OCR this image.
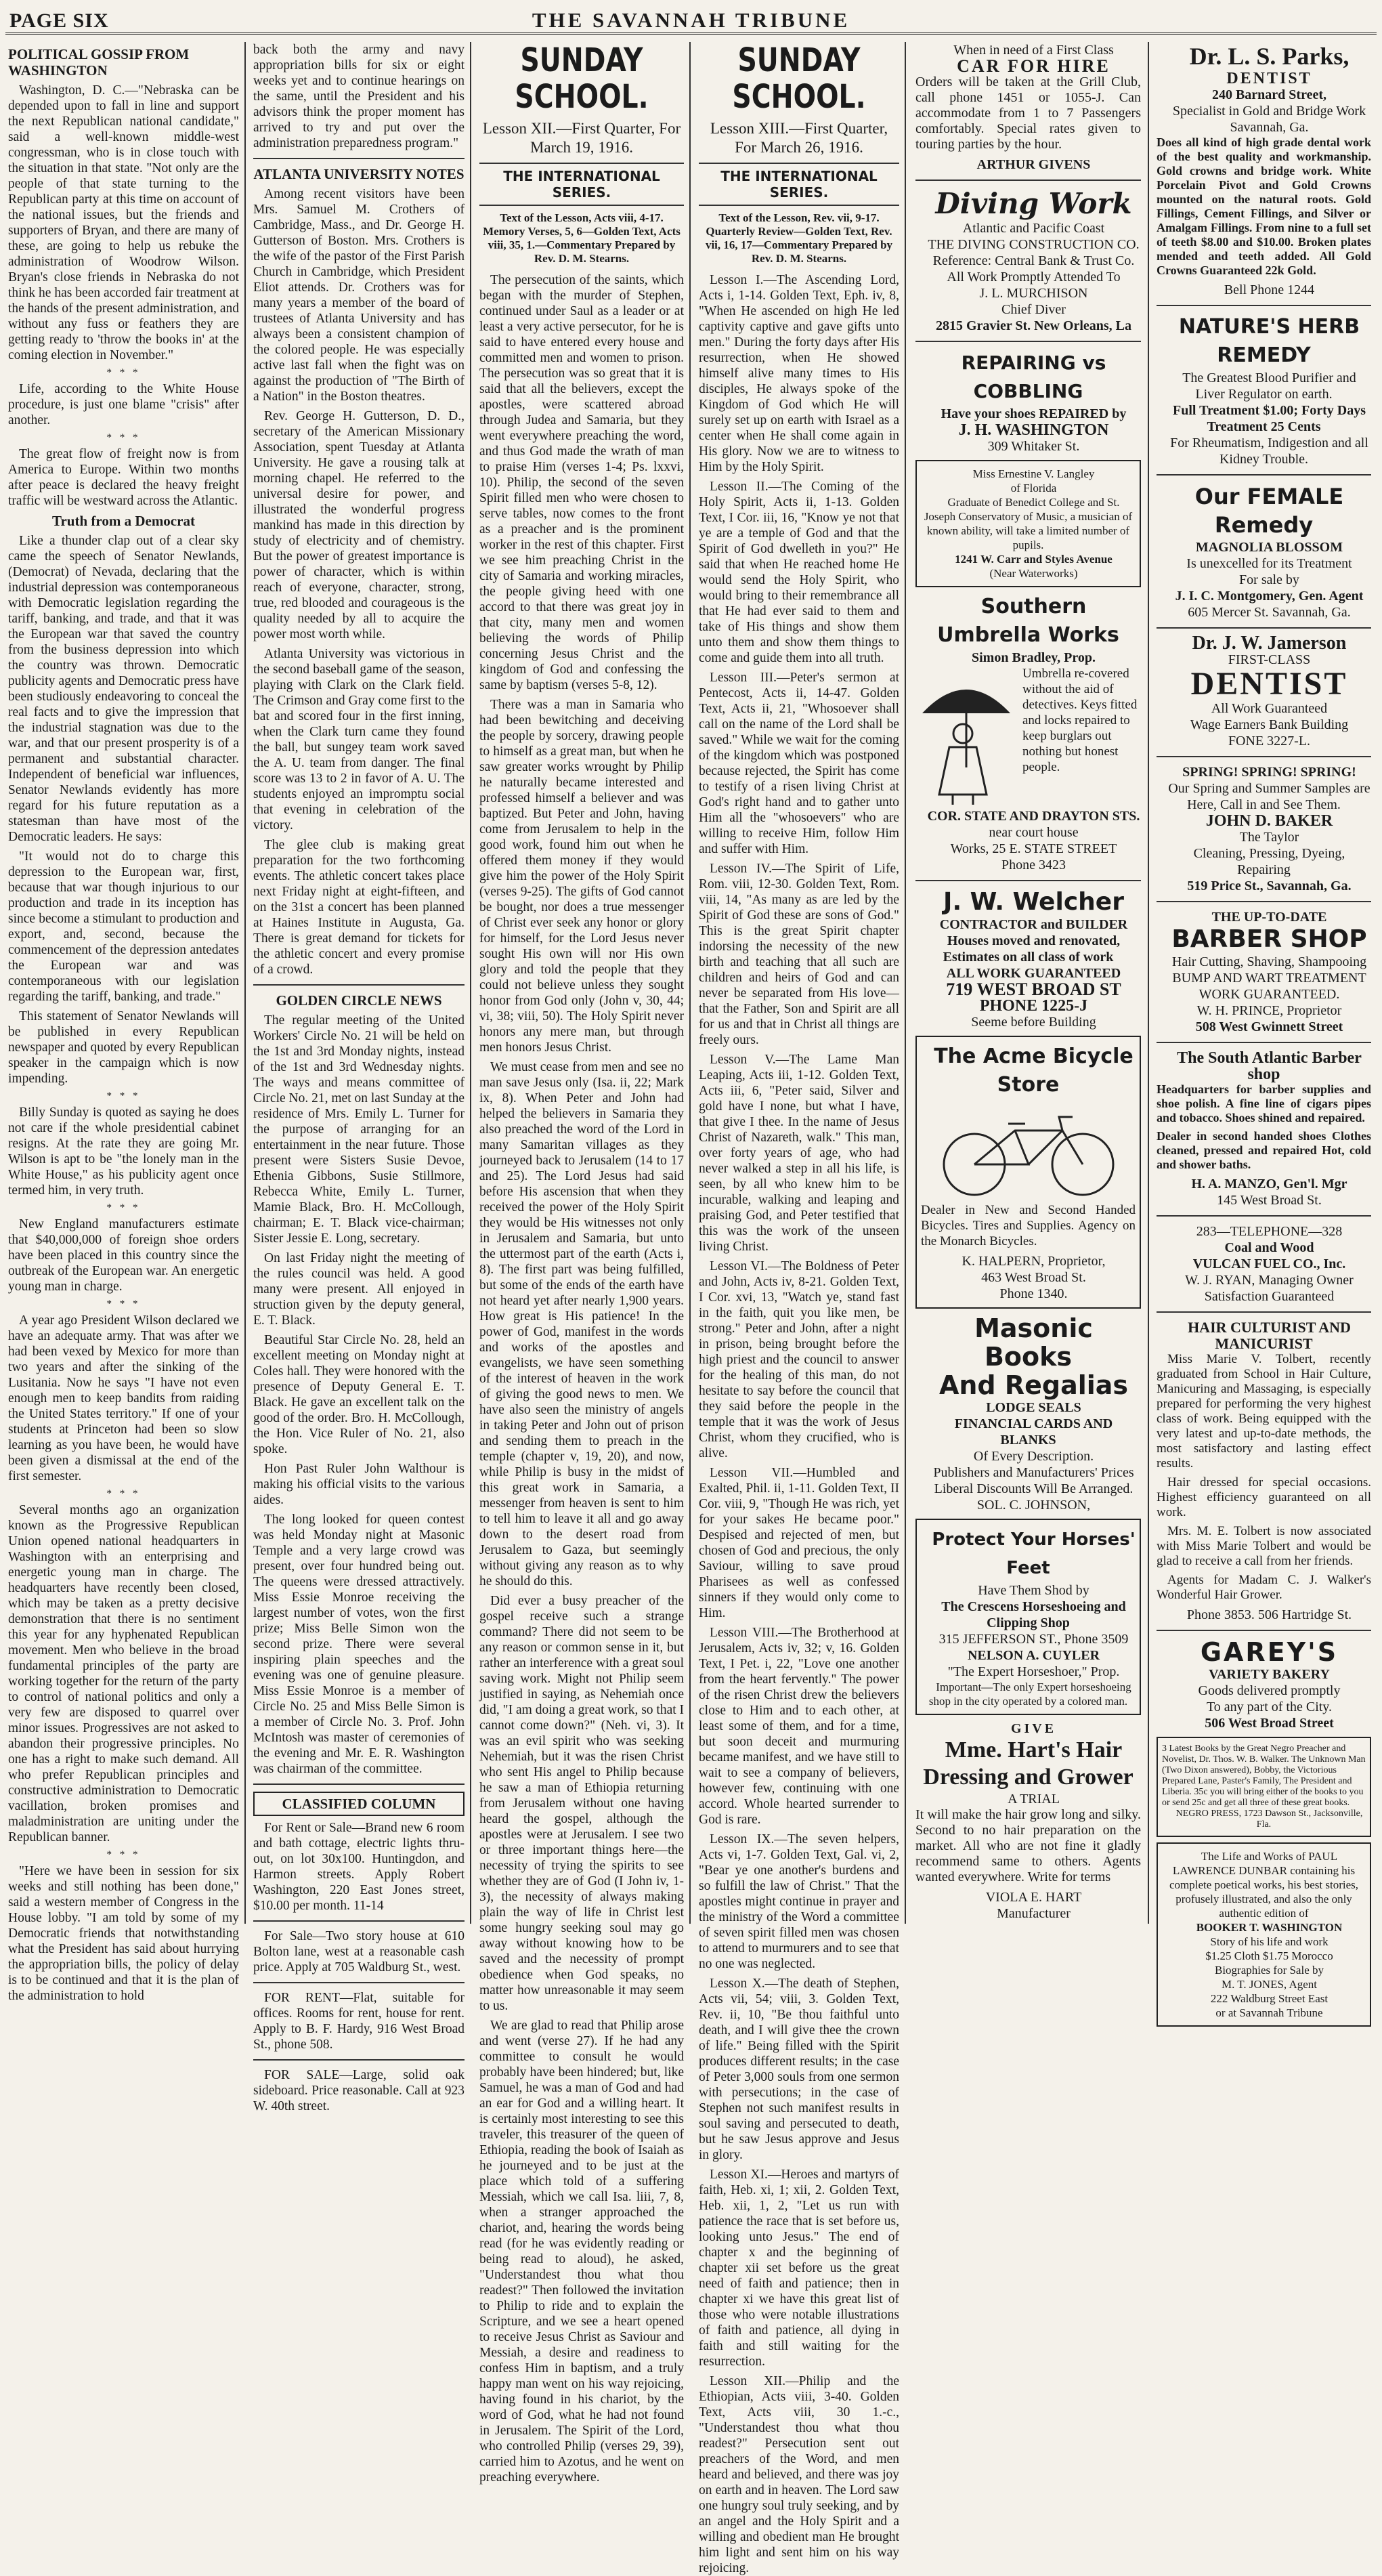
PAGE SIX	THE SAVANNAH TRIBUNE
POLITICAL GOSSIP FROM WASHINGTON

Washington, D. C.—"Nebraska can be depended upon to fall in line and support the next Republican national candidate," said a well-known middle-west congressman, who is in close touch with the situation in that state. "Not only are the people of that state turning to the Republican party at this time on account of the national issues, but the friends and supporters of Bryan, and there are many of these, are going to help us rebuke the administration of Woodrow Wilson. Bryan's close friends in Nebraska do not think he has been accorded fair treatment at the hands of the present administration, and without any fuss or feathers they are getting ready to 'throw the books in' at the coming election in November."

* * *

Life, according to the White House procedure, is just one blame "crisis" after another.

* * *

The great flow of freight now is from America to Europe. Within two months after peace is declared the heavy freight traffic will be westward across the Atlantic.

Truth from a Democrat

Like a thunder clap out of a clear sky came the speech of Senator Newlands, (Democrat) of Nevada, declaring that the industrial depression was contemporaneous with Democratic legislation regarding the tariff, banking, and trade, and that it was the European war that saved the country from the business depression into which the country was thrown. Democratic publicity agents and Democratic press have been studiously endeavoring to conceal the real facts and to give the impression that the industrial stagnation was due to the war, and that our present prosperity is of a permanent and substantial character. Independent of beneficial war influences, Senator Newlands evidently has more regard for his future reputation as a statesman than have most of the Democratic leaders. He says:

"It would not do to charge this depression to the European war, first, because that war though injurious to our production and trade in its inception has since become a stimulant to production and export, and, second, because the commencement of the depression antedates the European war and was contemporaneous with our legislation regarding the tariff, banking, and trade."

This statement of Senator Newlands will be published in every Republican newspaper and quoted by every Republican speaker in the campaign which is now impending.

* * *

Billy Sunday is quoted as saying he does not care if the whole presidential cabinet resigns. At the rate they are going Mr. Wilson is apt to be "the lonely man in the White House," as his publicity agent once termed him, in very truth.

* * *

New England manufacturers estimate that $40,000,000 of foreign shoe orders have been placed in this country since the outbreak of the European war. An energetic young man in charge.

* * *

A year ago President Wilson declared we have an adequate army. That was after we had been vexed by Mexico for more than two years and after the sinking of the Lusitania. Now he says "I have not even enough men to keep bandits from raiding the United States territory." If one of your students at Princeton had been so slow learning as you have been, he would have been given a dismissal at the end of the first semester.

* * *

Several months ago an organization known as the Progressive Republican Union opened national headquarters in Washington with an enterprising and energetic young man in charge. The headquarters have recently been closed, which may be taken as a pretty decisive demonstration that there is no sentiment this year for any hyphenated Republican movement. Men who believe in the broad fundamental principles of the party are working together for the return of the party to control of national politics and only a very few are disposed to quarrel over minor issues. Progressives are not asked to abandon their progressive principles. No one has a right to make such demand. All who prefer Republican principles and constructive administration to Democratic vacillation, broken promises and maladministration are uniting under the Republican banner.

* * *

"Here we have been in session for six weeks and still nothing has been done," said a western member of Congress in the House lobby. "I am told by some of my Democratic friends that notwithstanding what the President has said about hurrying the appropriation bills, the policy of delay is to be continued and that it is the plan of the administration to hold

back both the army and navy appropriation bills for six or eight weeks yet and to continue hearings on the same, until the President and his advisors think the proper moment has arrived to try and put over the administration preparedness program."

ATLANTA UNIVERSITY NOTES

Among recent visitors have been Mrs. Samuel M. Crothers of Cambridge, Mass., and Dr. George H. Gutterson of Boston. Mrs. Crothers is the wife of the pastor of the First Parish Church in Cambridge, which President Eliot attends. Dr. Crothers was for many years a member of the board of trustees of Atlanta University and has always been a consistent champion of the colored people. He was especially active last fall when the fight was on against the production of "The Birth of a Nation" in the Boston theatres.

Rev. George H. Gutterson, D. D., secretary of the American Missionary Association, spent Tuesday at Atlanta University. He gave a rousing talk at morning chapel. He referred to the universal desire for power, and illustrated the wonderful progress mankind has made in this direction by study of electricity and of chemistry. But the power of greatest importance is power of character, which is within reach of everyone, character, strong, true, red blooded and courageous is the quality needed by all to acquire the power most worth while.

Atlanta University was victorious in the second baseball game of the season, playing with Clark on the Clark field. The Crimson and Gray come first to the bat and scored four in the first inning, when the Clark turn came they found the ball, but sungey team work saved the A. U. team from danger. The final score was 13 to 2 in favor of A. U. The students enjoyed an impromptu social that evening in celebration of the victory.

The glee club is making great preparation for the two forthcoming events. The athletic concert takes place next Friday night at eight-fifteen, and on the 31st a concert has been planned at Haines Institute in Augusta, Ga. There is great demand for tickets for the athletic concert and every promise of a crowd.

GOLDEN CIRCLE NEWS

The regular meeting of the United Workers' Circle No. 21 will be held on the 1st and 3rd Monday nights, instead of the 1st and 3rd Wednesday nights. The ways and means committee of Circle No. 21, met on last Sunday at the residence of Mrs. Emily L. Turner for the purpose of arranging for an entertainment in the near future. Those present were Sisters Susie Devoe, Ethenia Gibbons, Susie Stillmore, Rebecca White, Emily L. Turner, Mamie Black, Bro. H. McCollough, chairman; E. T. Black vice-chairman; Sister Jessie E. Long, secretary.

On last Friday night the meeting of the rules council was held. A good many were present. All enjoyed in struction given by the deputy general, E. T. Black.

Beautiful Star Circle No. 28, held an excellent meeting on Monday night at Coles hall. They were honored with the presence of Deputy General E. T. Black. He gave an excellent talk on the good of the order. Bro. H. McCollough, the Hon. Vice Ruler of No. 21, also spoke.

Hon Past Ruler John Walthour is making his official visits to the various aides.

The long looked for queen contest was held Monday night at Masonic Temple and a very large crowd was present, over four hundred being out. The queens were dressed attractively. Miss Essie Monroe receiving the largest number of votes, won the first prize; Miss Belle Simon won the second prize. There were several inspiring plain speeches and the evening was one of genuine pleasure. Miss Essie Monroe is a member of Circle No. 25 and Miss Belle Simon is a member of Circle No. 3. Prof. John McIntosh was master of ceremonies of the evening and Mr. E. R. Washington was chairman of the committee.

CLASSIFIED COLUMN

For Rent or Sale—Brand new 6 room and bath cottage, electric lights thru-out, on lot 30x100. Huntingdon, and Harmon streets. Apply Robert Washington, 220 East Jones street, $10.00 per month. 11-14

For Sale—Two story house at 610 Bolton lane, west at a reasonable cash price. Apply at 705 Waldburg St., west.

FOR RENT—Flat, suitable for offices. Rooms for rent, house for rent. Apply to B. F. Hardy, 916 West Broad St., phone 508.

FOR SALE—Large, solid oak sideboard. Price reasonable. Call at 923 W. 40th street.

SUNDAY SCHOOL.
Lesson XII.—First Quarter, For March 19, 1916.
THE INTERNATIONAL SERIES.
Text of the Lesson, Acts viii, 4-17. Memory Verses, 5, 6—Golden Text, Acts viii, 35, 1.—Commentary Prepared by Rev. D. M. Stearns.

The persecution of the saints, which began with the murder of Stephen, continued under Saul as a leader or at least a very active persecutor, for he is said to have entered every house and committed men and women to prison. The persecution was so great that it is said that all the believers, except the apostles, were scattered abroad through Judea and Samaria, but they went everywhere preaching the word, and thus God made the wrath of man to praise Him (verses 1-4; Ps. lxxvi, 10). Philip, the second of the seven Spirit filled men who were chosen to serve tables, now comes to the front as a preacher and is the prominent worker in the rest of this chapter. First we see him preaching Christ in the city of Samaria and working miracles, the people giving heed with one accord to that there was great joy in that city, many men and women believing the words of Philip concerning Jesus Christ and the kingdom of God and confessing the same by baptism (verses 5-8, 12).

There was a man in Samaria who had been bewitching and deceiving the people by sorcery, drawing people to himself as a great man, but when he saw greater works wrought by Philip he naturally became interested and professed himself a believer and was baptized. But Peter and John, having come from Jerusalem to help in the good work, found him out when he offered them money if they would give him the power of the Holy Spirit (verses 9-25). The gifts of God cannot be bought, nor does a true messenger of Christ ever seek any honor or glory for himself, for the Lord Jesus never sought His own will nor His own glory and told the people that they could not believe unless they sought honor from God only (John v, 30, 44; vi, 38; viii, 50). The Holy Spirit never honors any mere man, but through men honors Jesus Christ.

We must cease from men and see no man save Jesus only (Isa. ii, 22; Mark ix, 8). When Peter and John had helped the believers in Samaria they also preached the word of the Lord in many Samaritan villages as they journeyed back to Jerusalem (14 to 17 and 25). The Lord Jesus had said before His ascension that when they received the power of the Holy Spirit they would be His witnesses not only in Jerusalem and Samaria, but unto the uttermost part of the earth (Acts i, 8). The first part was being fulfilled, but some of the ends of the earth have not heard yet after nearly 1,900 years. How great is His patience! In the power of God, manifest in the words and works of the apostles and evangelists, we have seen something of the interest of heaven in the work of giving the good news to men. We have also seen the ministry of angels in taking Peter and John out of prison and sending them to preach in the temple (chapter v, 19, 20), and now, while Philip is busy in the midst of this great work in Samaria, a messenger from heaven is sent to him to tell him to leave it all and go away down to the desert road from Jerusalem to Gaza, but seemingly without giving any reason as to why he should do this.

Did ever a busy preacher of the gospel receive such a strange command? There did not seem to be any reason or common sense in it, but rather an interference with a great soul saving work. Might not Philip seem justified in saying, as Nehemiah once did, "I am doing a great work, so that I cannot come down?" (Neh. vi, 3). It was an evil spirit who was seeking Nehemiah, but it was the risen Christ who sent His angel to Philip because he saw a man of Ethiopia returning from Jerusalem without one having heard the gospel, although the apostles were at Jerusalem. I see two or three important things here—the necessity of trying the spirits to see whether they are of God (I John iv, 1-3), the necessity of always making plain the way of life in Christ lest some hungry seeking soul may go away without knowing how to be saved and the necessity of prompt obedience when God speaks, no matter how unreasonable it may seem to us.

We are glad to read that Philip arose and went (verse 27). If he had any committee to consult he would probably have been hindered; but, like Samuel, he was a man of God and had an ear for God and a willing heart. It is certainly most interesting to see this traveler, this treasurer of the queen of Ethiopia, reading the book of Isaiah as he journeyed and to be just at the place which told of a suffering Messiah, which we call Isa. liii, 7, 8, when a stranger approached the chariot, and, hearing the words being read (for he was evidently reading or being read to aloud), he asked, "Understandest thou what thou readest?" Then followed the invitation to Philip to ride and to explain the Scripture, and we see a heart opened to receive Jesus Christ as Saviour and Messiah, a desire and readiness to confess Him in baptism, and a truly happy man went on his way rejoicing, having found in his chariot, by the word of God, what he had not found in Jerusalem. The Spirit of the Lord, who controlled Philip (verses 29, 39), carried him to Azotus, and he went on preaching everywhere.

SUNDAY SCHOOL.
Lesson XIII.—First Quarter, For March 26, 1916.
THE INTERNATIONAL SERIES.
Text of the Lesson, Rev. vii, 9-17. Quarterly Review—Golden Text, Rev. vii, 16, 17—Commentary Prepared by Rev. D. M. Stearns.

Lesson I.—The Ascending Lord, Acts i, 1-14. Golden Text, Eph. iv, 8, "When He ascended on high He led captivity captive and gave gifts unto men." During the forty days after His resurrection, when He showed himself alive many times to His disciples, He always spoke of the Kingdom of God which He will surely set up on earth with Israel as a center when He shall come again in His glory. Now we are to witness to Him by the Holy Spirit.

Lesson II.—The Coming of the Holy Spirit, Acts ii, 1-13. Golden Text, I Cor. iii, 16, "Know ye not that ye are a temple of God and that the Spirit of God dwelleth in you?" He said that when He reached home He would send the Holy Spirit, who would bring to their remembrance all that He had ever said to them and take of His things and show them unto them and show them things to come and guide them into all truth.

Lesson III.—Peter's sermon at Pentecost, Acts ii, 14-47. Golden Text, Acts ii, 21, "Whosoever shall call on the name of the Lord shall be saved." While we wait for the coming of the kingdom which was postponed because rejected, the Spirit has come to testify of a risen living Christ at God's right hand and to gather unto Him all the "whosoevers" who are willing to receive Him, follow Him and suffer with Him.

Lesson IV.—The Spirit of Life, Rom. viii, 12-30. Golden Text, Rom. viii, 14, "As many as are led by the Spirit of God these are sons of God." This is the great Spirit chapter indorsing the necessity of the new birth and teaching that all such are children and heirs of God and can never be separated from His love—that the Father, Son and Spirit are all for us and that in Christ all things are freely ours.

Lesson V.—The Lame Man Leaping, Acts iii, 1-12. Golden Text, Acts iii, 6, "Peter said, Silver and gold have I none, but what I have, that give I thee. In the name of Jesus Christ of Nazareth, walk." This man, over forty years of age, who had never walked a step in all his life, is seen, by all who knew him to be incurable, walking and leaping and praising God, and Peter testified that this was the work of the unseen living Christ.

Lesson VI.—The Boldness of Peter and John, Acts iv, 8-21. Golden Text, I Cor. xvi, 13, "Watch ye, stand fast in the faith, quit you like men, be strong." Peter and John, after a night in prison, being brought before the high priest and the council to answer for the healing of this man, do not hesitate to say before the council that they said before the people in the temple that it was the work of Jesus Christ, whom they crucified, who is alive.

Lesson VII.—Humbled and Exalted, Phil. ii, 1-11. Golden Text, II Cor. viii, 9, "Though He was rich, yet for your sakes He became poor." Despised and rejected of men, but chosen of God and precious, the only Saviour, willing to save proud Pharisees as well as confessed sinners if they would only come to Him.

Lesson VIII.—The Brotherhood at Jerusalem, Acts iv, 32; v, 16. Golden Text, I Pet. i, 22, "Love one another from the heart fervently." The power of the risen Christ drew the believers close to Him and to each other, at least some of them, and for a time, but soon deceit and murmuring became manifest, and we have still to wait to see a company of believers, however few, continuing with one accord. Whole hearted surrender to God is rare.

Lesson IX.—The seven helpers, Acts vi, 1-7. Golden Text, Gal. vi, 2, "Bear ye one another's burdens and so fulfill the law of Christ." That the apostles might continue in prayer and the ministry of the Word a committee of seven spirit filled men was chosen to attend to murmurers and to see that no one was neglected.

Lesson X.—The death of Stephen, Acts vii, 54; viii, 3. Golden Text, Rev. ii, 10, "Be thou faithful unto death, and I will give thee the crown of life." Being filled with the Spirit produces different results; in the case of Peter 3,000 souls from one sermon with persecutions; in the case of Stephen not such manifest results in soul saving and persecuted to death, but he saw Jesus approve and Jesus in glory.

Lesson XI.—Heroes and martyrs of faith, Heb. xi, 1; xii, 2. Golden Text, Heb. xii, 1, 2, "Let us run with patience the race that is set before us, looking unto Jesus." The end of chapter x and the beginning of chapter xii set before us the great need of faith and patience; then in chapter xi we have this great list of those who were notable illustrations of faith and patience, all dying in faith and still waiting for the resurrection.

Lesson XII.—Philip and the Ethiopian, Acts viii, 3-40. Golden Text, Acts viii, 30 1.-c., "Understandest thou what thou readest?" Persecution sent out preachers of the Word, and men heard and believed, and there was joy on earth and in heaven. The Lord saw one hungry soul truly seeking, and by an angel and the Holy Spirit and a willing and obedient man He brought him light and sent him on his way rejoicing.

When in need of a First Class

CAR FOR HIRE

Orders will be taken at the Grill Club, call phone 1451 or 1055-J. Can accommodate from 1 to 7 Passengers comfortably. Special rates given to touring parties by the hour.

ARTHUR GIVENS

Diving Work

Atlantic and Pacific Coast

THE DIVING CONSTRUCTION CO.

Reference: Central Bank & Trust Co.

All Work Promptly Attended To

J. L. MURCHISON

Chief Diver

2815 Gravier St. New Orleans, La

REPAIRING vs COBBLING

Have your shoes REPAIRED by

J. H. WASHINGTON

309 Whitaker St.

Miss Ernestine V. Langley

of Florida

Graduate of Benedict College and St. Joseph Conservatory of Music, a musician of known ability, will take a limited number of pupils.

1241 W. Carr and Styles Avenue

(Near Waterworks)

Southern Umbrella Works

Simon Bradley, Prop.

Umbrella re-covered without the aid of detectives. Keys fitted and locks repaired to keep burglars out nothing but honest people.

COR. STATE AND DRAYTON STS.

near court house

Works, 25 E. STATE STREET

Phone 3423

J. W. Welcher

CONTRACTOR and BUILDER

Houses moved and renovated, Estimates on all class of work

ALL WORK GUARANTEED

719 WEST BROAD ST

PHONE 1225-J

Seeme before Building

The Acme Bicycle Store

Dealer in New and Second Handed Bicycles. Tires and Supplies. Agency on the Monarch Bicycles.

K. HALPERN, Proprietor,

463 West Broad St.

Phone 1340.

Masonic Books

And Regalias

LODGE SEALS

FINANCIAL CARDS AND BLANKS

Of Every Description.

Publishers and Manufacturers' Prices

Liberal Discounts Will Be Arranged.

SOL. C. JOHNSON,

Protect Your Horses' Feet

Have Them Shod by

The Crescens Horseshoeing and Clipping Shop

315 JEFFERSON ST., Phone 3509

NELSON A. CUYLER

"The Expert Horseshoer," Prop.

Important—The only Expert horseshoeing shop in the city operated by a colored man.

GIVE

Mme. Hart's Hair Dressing and Grower

A TRIAL

It will make the hair grow long and silky. Second to no hair preparation on the market. All who are not fine it gladly recommend same to others. Agents wanted everywhere. Write for terms

VIOLA E. HART

Manufacturer

Dr. L. S. Parks,

DENTIST

240 Barnard Street,

Specialist in Gold and Bridge Work

Savannah, Ga.

Does all kind of high grade dental work of the best quality and workmanship. Gold crowns and bridge work. White Porcelain Pivot and Gold Crowns mounted on the natural roots. Gold Fillings, Cement Fillings, and Silver or Amalgam Fillings. From nine to a full set of teeth $8.00 and $10.00. Broken plates mended and teeth added. All Gold Crowns Guaranteed 22k Gold.

Bell Phone 1244

NATURE'S HERB REMEDY

The Greatest Blood Purifier and Liver Regulator on earth.

Full Treatment $1.00; Forty Days Treatment 25 Cents

For Rheumatism, Indigestion and all Kidney Trouble.

Our FEMALE Remedy

MAGNOLIA BLOSSOM

Is unexcelled for its Treatment

For sale by

J. I. C. Montgomery, Gen. Agent

605 Mercer St. Savannah, Ga.

Dr. J. W. Jamerson

FIRST-CLASS

DENTIST

All Work Guaranteed

Wage Earners Bank Building

FONE 3227-L.

SPRING! SPRING! SPRING!

Our Spring and Summer Samples are Here, Call in and See Them.

JOHN D. BAKER

The Taylor

Cleaning, Pressing, Dyeing, Repairing

519 Price St., Savannah, Ga.

THE UP-TO-DATE

BARBER SHOP

Hair Cutting, Shaving, Shampooing

BUMP AND WART TREATMENT

WORK GUARANTEED.

W. H. PRINCE, Proprietor

508 West Gwinnett Street

The South Atlantic Barber shop

Headquarters for barber supplies and shoe polish. A fine line of cigars pipes and tobacco. Shoes shined and repaired.

Dealer in second handed shoes Clothes cleaned, pressed and repaired Hot, cold and shower baths.

H. A. MANZO, Gen'l. Mgr

145 West Broad St.

283—TELEPHONE—328

Coal and Wood

VULCAN FUEL CO., Inc.

W. J. RYAN, Managing Owner

Satisfaction Guaranteed

HAIR CULTURIST AND MANICURIST

Miss Marie V. Tolbert, recently graduated from School in Hair Culture, Manicuring and Massaging, is especially prepared for performing the very highest class of work. Being equipped with the very latest and up-to-date methods, the most satisfactory and lasting effect results.

Hair dressed for special occasions. Highest efficiency guaranteed on all work.

Mrs. M. E. Tolbert is now associated with Miss Marie Tolbert and would be glad to receive a call from her friends.

Agents for Madam C. J. Walker's Wonderful Hair Grower.

Phone 3853. 506 Hartridge St.

GAREY'S

VARIETY BAKERY

Goods delivered promptly

To any part of the City.

506 West Broad Street

3 Latest Books by the Great Negro Preacher and Novelist, Dr. Thos. W. B. Walker. The Unknown Man (Two Dixon answered), Bobby, the Victorious Prepared Lane, Paster's Family, The President and Liberia. 35c you will bring either of the books to you or send 25c and get all three of these great books.

NEGRO PRESS, 1723 Dawson St., Jacksonville, Fla.

The Life and Works of PAUL LAWRENCE DUNBAR containing his complete poetical works, his best stories, profusely illustrated, and also the only authentic edition of

BOOKER T. WASHINGTON

Story of his life and work

$1.25 Cloth $1.75 Morocco

Biographies for Sale by

M. T. JONES, Agent

222 Waldburg Street East

or at Savannah Tribune
